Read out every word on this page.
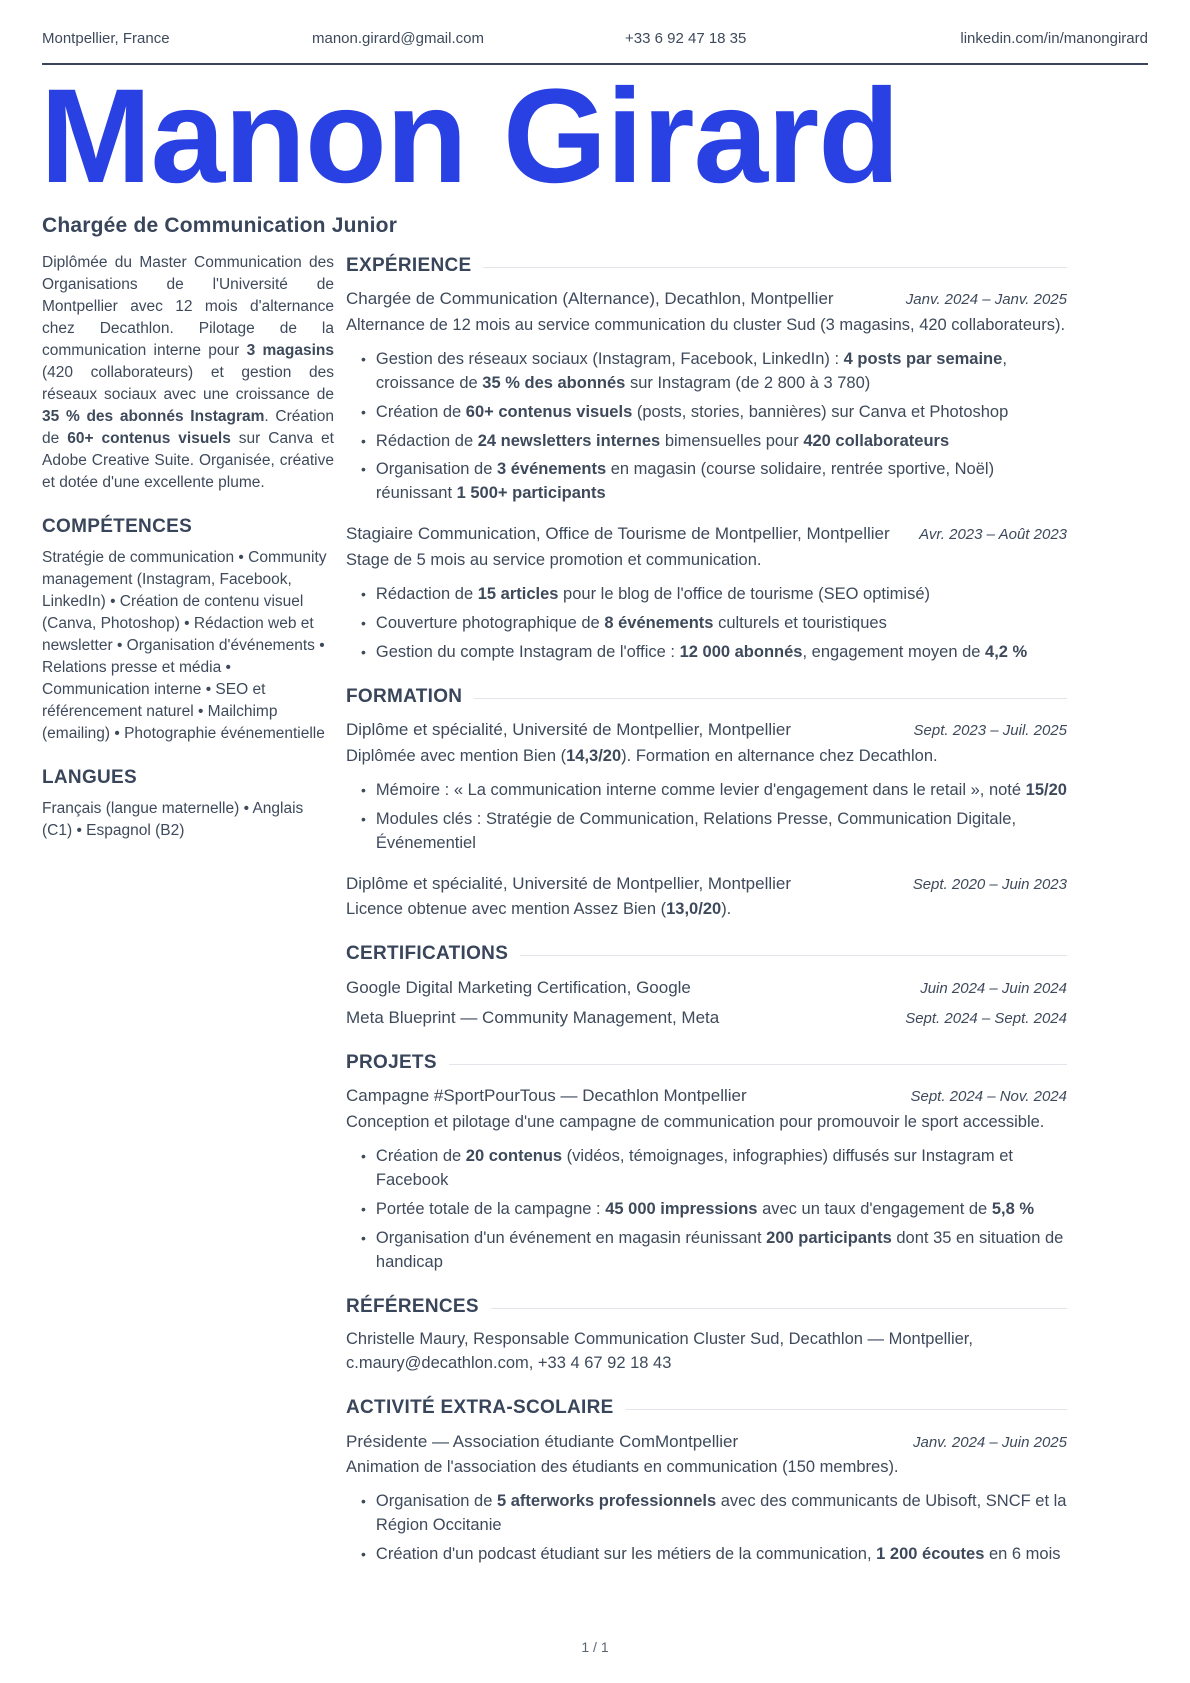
Montpellier, France	manon.girard@gmail.com	+33 6 92 47 18 35	linkedin.com/in/manongirard
Manon Girard
Chargée de Communication Junior

Diplômée du Master Communication des Organisations de l'Université de Montpellier avec 12 mois d'alternance chez Decathlon. Pilotage de la communication interne pour 3 magasins (420 collaborateurs) et gestion des réseaux sociaux avec une croissance de 35 % des abonnés Instagram. Création de 60+ contenus visuels sur Canva et Adobe Creative Suite. Organisée, créative et dotée d'une excellente plume.

COMPÉTENCES

Stratégie de communication • Community management (Instagram, Facebook, LinkedIn) • Création de contenu visuel (Canva, Photoshop) • Rédaction web et newsletter • Organisation d'événements • Relations presse et média • Communication interne • SEO et référencement naturel • Mailchimp (emailing) • Photographie événementielle

LANGUES

Français (langue maternelle) • Anglais (C1) • Espagnol (B2)

EXPÉRIENCE
Chargée de Communication (Alternance), Decathlon, Montpellier	Janv. 2024 – Janv. 2025
Alternance de 12 mois au service communication du cluster Sud (3 magasins, 420 collaborateurs).
• Gestion des réseaux sociaux (Instagram, Facebook, LinkedIn) : 4 posts par semaine, croissance de 35 % des abonnés sur Instagram (de 2 800 à 3 780)
• Création de 60+ contenus visuels (posts, stories, bannières) sur Canva et Photoshop
• Rédaction de 24 newsletters internes bimensuelles pour 420 collaborateurs
• Organisation de 3 événements en magasin (course solidaire, rentrée sportive, Noël) réunissant 1 500+ participants
Stagiaire Communication, Office de Tourisme de Montpellier, Montpellier Avr. 2023 – Août 2023
Stage de 5 mois au service promotion et communication.
• Rédaction de 15 articles pour le blog de l'office de tourisme (SEO optimisé)
• Couverture photographique de 8 événements culturels et touristiques
• Gestion du compte Instagram de l'office : 12 000 abonnés, engagement moyen de 4,2 %
FORMATION
Diplôme et spécialité, Université de Montpellier, Montpellier	Sept. 2023 – Juil. 2025
Diplômée avec mention Bien (14,3/20). Formation en alternance chez Decathlon.
• Mémoire : « La communication interne comme levier d'engagement dans le retail », noté 15/20
• Modules clés : Stratégie de Communication, Relations Presse, Communication Digitale, Événementiel
Diplôme et spécialité, Université de Montpellier, Montpellier	Sept. 2020 – Juin 2023
Licence obtenue avec mention Assez Bien (13,0/20).
CERTIFICATIONS
Google Digital Marketing Certification, Google	Juin 2024 – Juin 2024
Meta Blueprint — Community Management, Meta	Sept. 2024 – Sept. 2024
PROJETS
Campagne #SportPourTous — Decathlon Montpellier	Sept. 2024 – Nov. 2024
Conception et pilotage d'une campagne de communication pour promouvoir le sport accessible.
• Création de 20 contenus (vidéos, témoignages, infographies) diffusés sur Instagram et Facebook
• Portée totale de la campagne : 45 000 impressions avec un taux d'engagement de 5,8 %
• Organisation d'un événement en magasin réunissant 200 participants dont 35 en situation de handicap
RÉFÉRENCES

Christelle Maury, Responsable Communication Cluster Sud, Decathlon — Montpellier, c.maury@decathlon.com, +33 4 67 92 18 43

ACTIVITÉ EXTRA-SCOLAIRE
Présidente — Association étudiante ComMontpellier	Janv. 2024 – Juin 2025
Animation de l'association des étudiants en communication (150 membres).
• Organisation de 5 afterworks professionnels avec des communicants de Ubisoft, SNCF et la Région Occitanie
• Création d'un podcast étudiant sur les métiers de la communication, 1 200 écoutes en 6 mois
1 / 1
